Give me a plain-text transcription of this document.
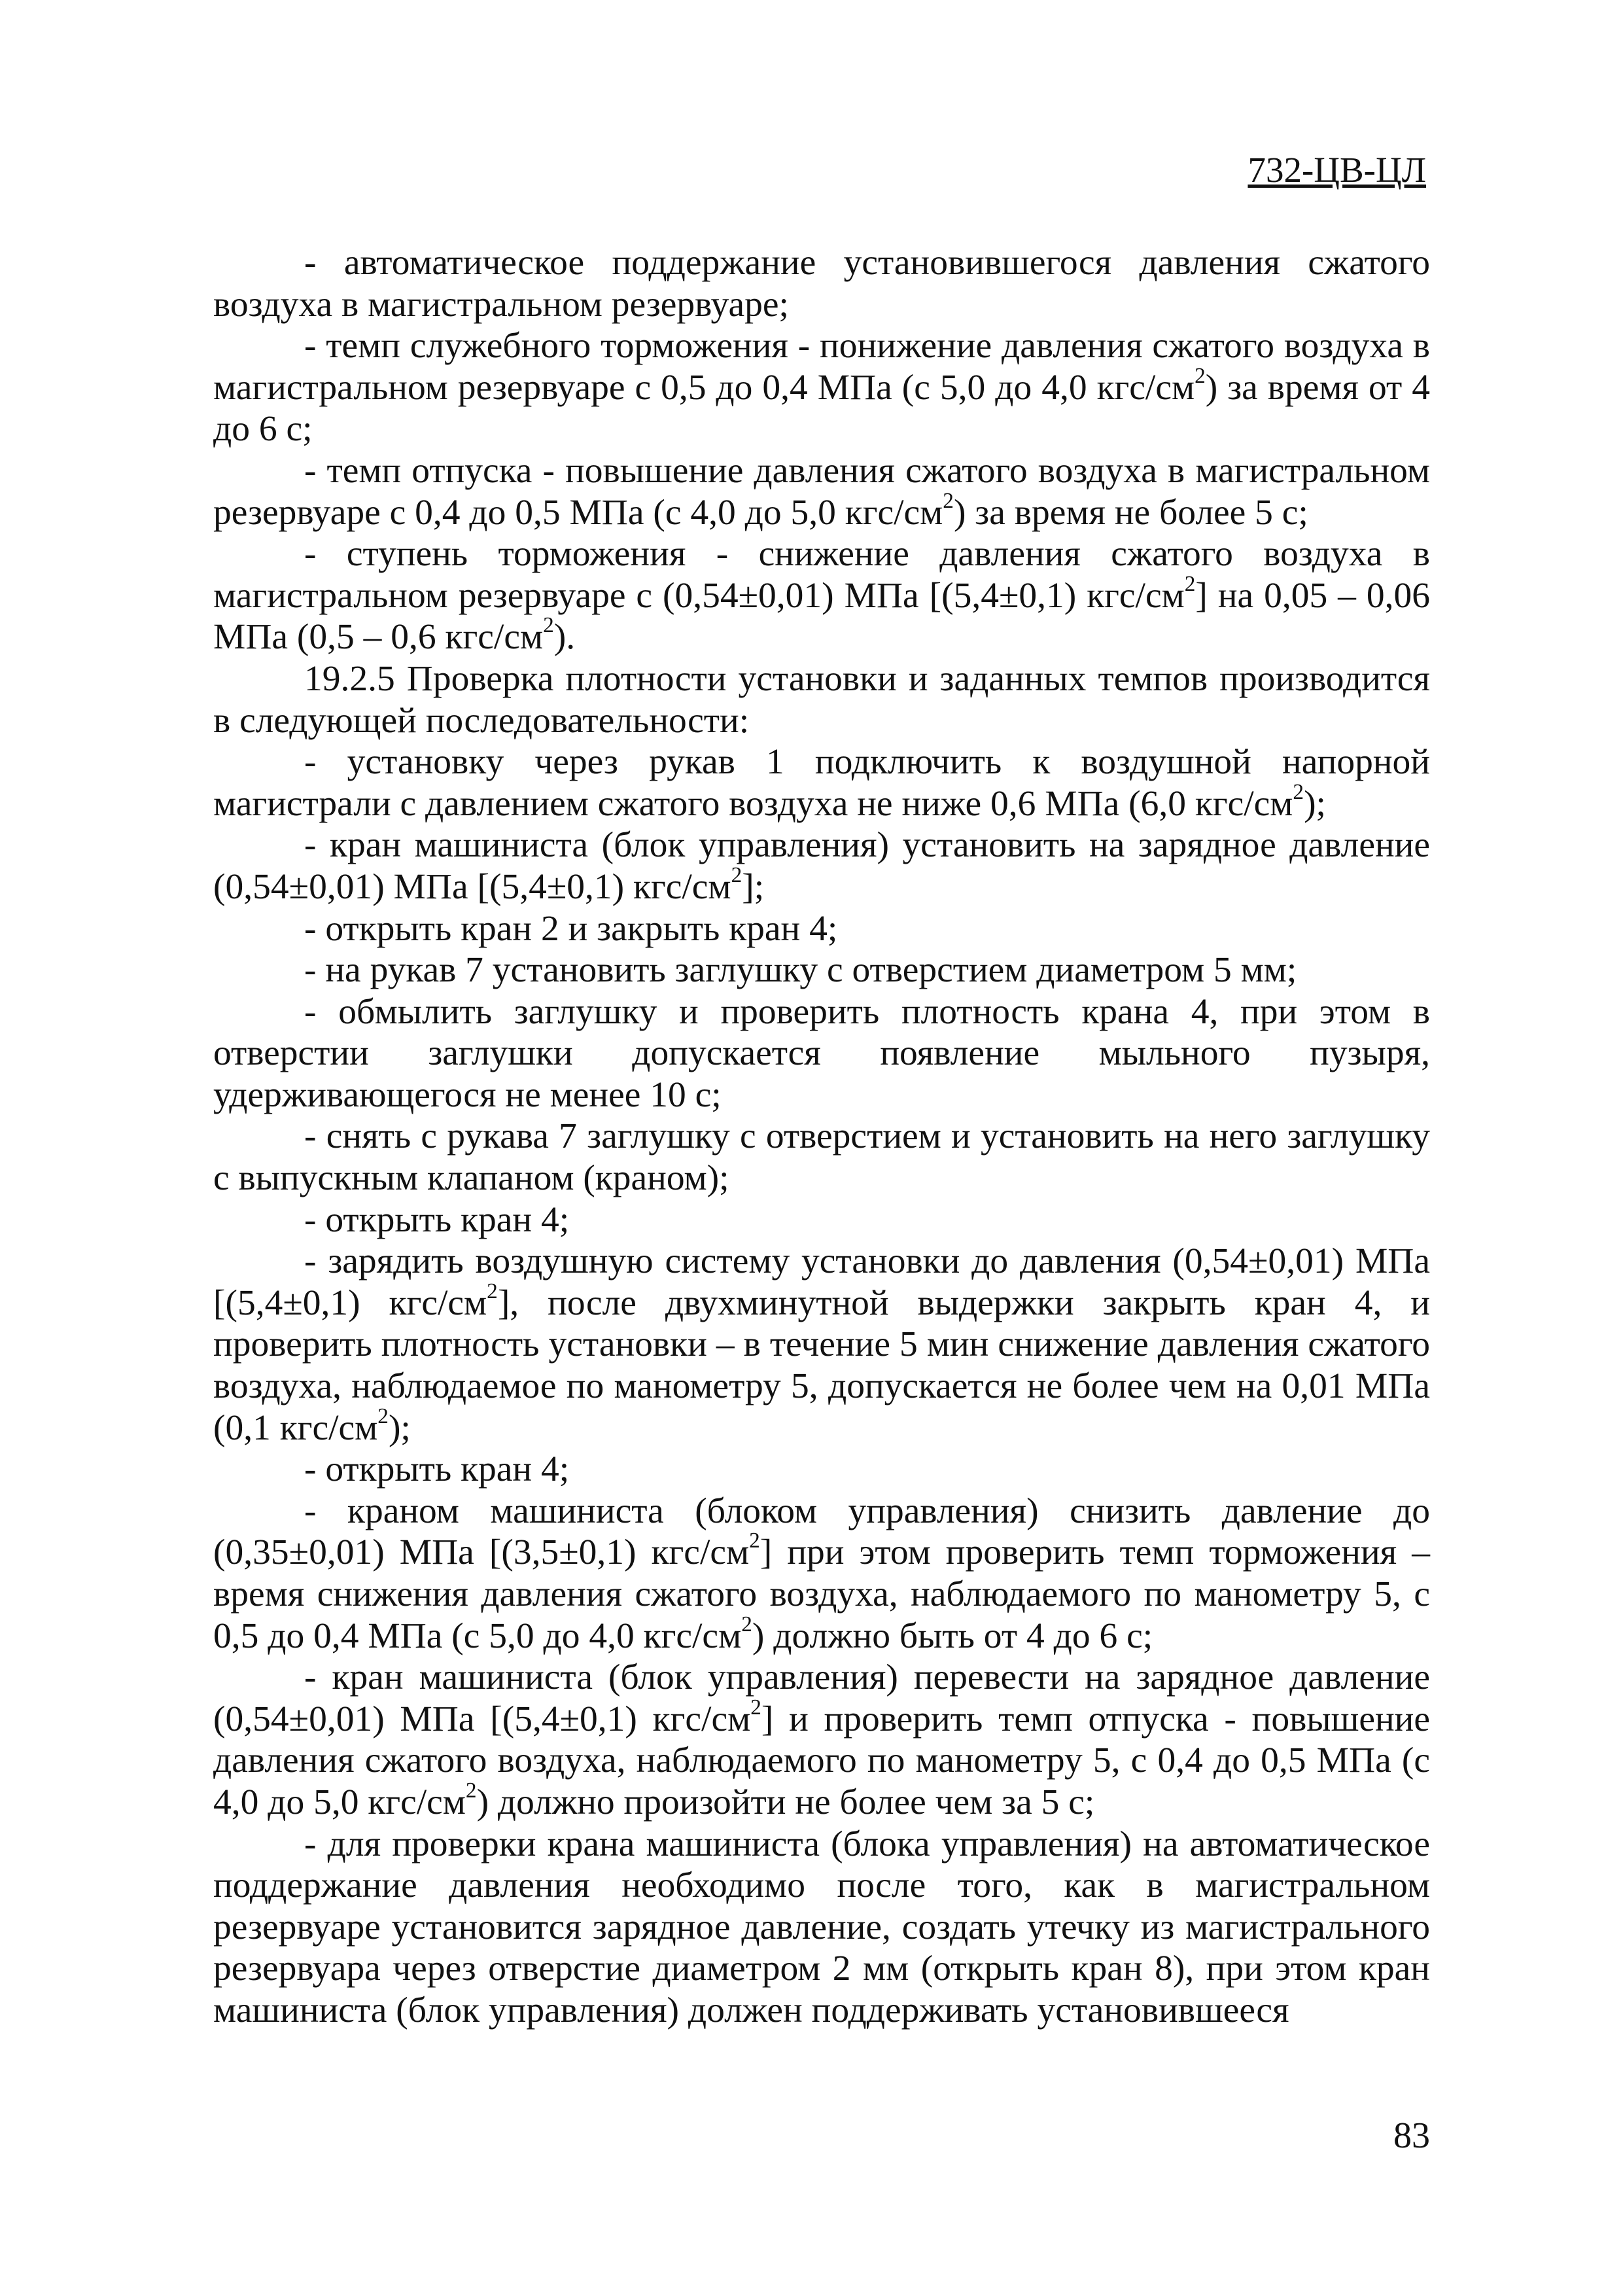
732-ЦВ-ЦЛ

- автоматическое поддержание установившегося давления сжатого воздуха в магистральном резервуаре;

- темп служебного торможения - понижение давления сжатого воздуха в магистральном резервуаре с 0,5 до 0,4 МПа (с 5,0 до 4,0 кгс/$см^2$) за время от 4 до 6 с;

- темп отпуска - повышение давления сжатого воздуха в магистральном резервуаре с 0,4 до 0,5 МПа (с 4,0 до 5,0 кгс/$см^2$) за время не более 5 с;

- ступень торможения - снижение давления сжатого воздуха в магистральном резервуаре с (0,54±0,01) МПа [(5,4±0,1) кгс/$см^2$] на 0,05 – 0,06 МПа (0,5 – 0,6 кгс/$см^2$).

19.2.5 Проверка плотности установки и заданных темпов производится в следующей последовательности:

- установку через рукав 1 подключить к воздушной напорной магистрали с давлением сжатого воздуха не ниже 0,6 МПа (6,0 кгс/$см^2$);

- кран машиниста (блок управления) установить на зарядное давление (0,54±0,01) МПа [(5,4±0,1) кгс/$см^2$];

- открыть кран 2 и закрыть кран 4;

- на рукав 7 установить заглушку с отверстием диаметром 5 мм;

- обмылить заглушку и проверить плотность крана 4, при этом в отверстии заглушки допускается появление мыльного пузыря, удерживающегося не менее 10 с;

- снять с рукава 7 заглушку с отверстием и установить на него заглушку с выпускным клапаном (краном);

- открыть кран 4;

- зарядить воздушную систему установки до давления (0,54±0,01) МПа [(5,4±0,1) кгс/$см^2$], после двухминутной выдержки закрыть кран 4, и проверить плотность установки – в течение 5 мин снижение давления сжатого воздуха, наблюдаемое по манометру 5, допускается не более чем на 0,01 МПа (0,1 кгс/$см^2$);

- открыть кран 4;

- краном машиниста (блоком управления) снизить давление до (0,35±0,01) МПа [(3,5±0,1) кгс/$см^2$] при этом проверить темп торможения – время снижения давления сжатого воздуха, наблюдаемого по манометру 5, с 0,5 до 0,4 МПа (с 5,0 до 4,0 кгс/$см^2$) должно быть от 4 до 6 с;

- кран машиниста (блок управления) перевести на зарядное давление (0,54±0,01) МПа [(5,4±0,1) кгс/$см^2$] и проверить темп отпуска - повышение давления сжатого воздуха, наблюдаемого по манометру 5, с 0,4 до 0,5 МПа (с 4,0 до 5,0 кгс/$см^2$) должно произойти не более чем за 5 с;

- для проверки крана машиниста (блока управления) на автоматическое поддержание давления необходимо после того, как в магистральном резервуаре установится зарядное давление, создать утечку из магистрального резервуара через отверстие диаметром 2 мм (открыть кран 8), при этом кран машиниста (блок управления) должен поддерживать установившееся

83
